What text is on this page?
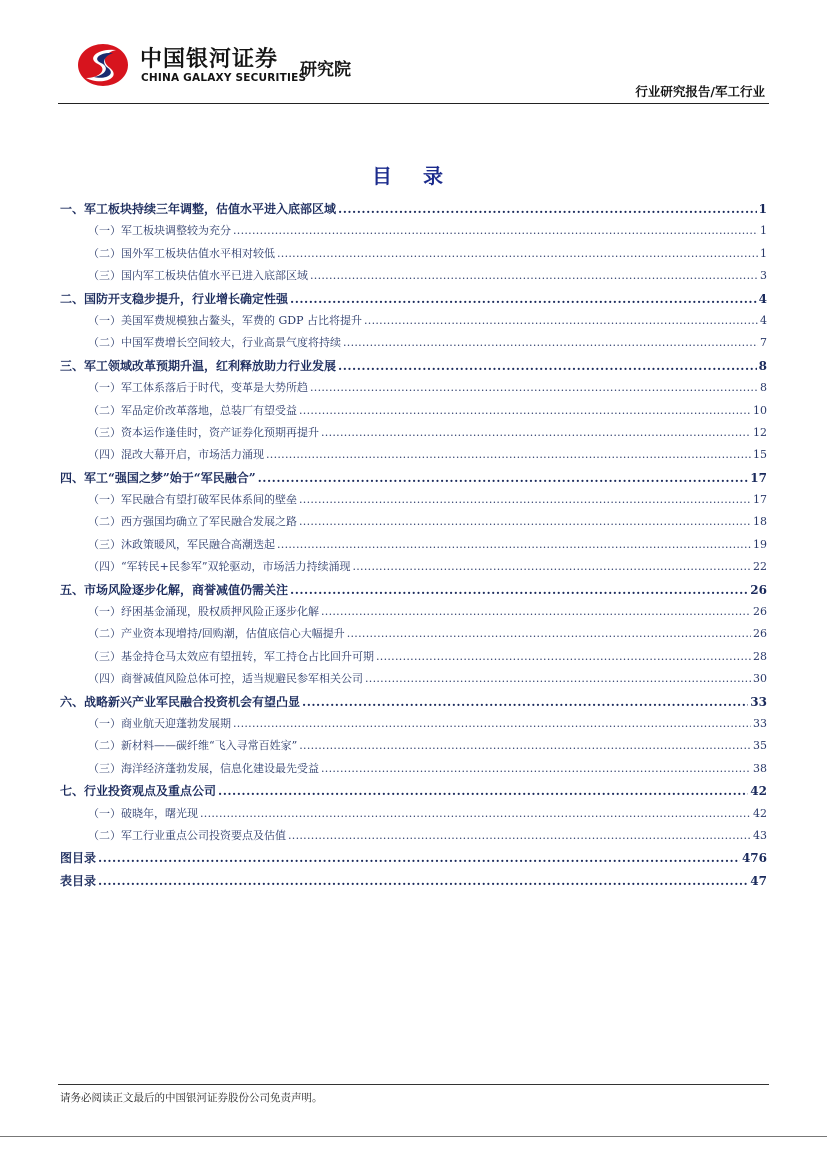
中国银河证券
CHINA GALAXY SECURITIES
研究院
行业研究报告/军工行业
目 录
一、军工板块持续三年调整，估值水平进入底部区域 .....	1
（一）军工板块调整较为充分 .....	1
（二）国外军工板块估值水平相对较低 .....	1
（三）国内军工板块估值水平已进入底部区域 .....	3
二、国防开支稳步提升，行业增长确定性强 .....	4
（一）美国军费规模独占鳌头，军费的 GDP 占比将提升 .....	4
（二）中国军费增长空间较大，行业高景气度将持续 .....	7
三、军工领域改革预期升温，红利释放助力行业发展 .....	8
（一）军工体系落后于时代，变革是大势所趋 .....	8
（二）军品定价改革落地，总装厂有望受益 .....	10
（三）资本运作逢佳时，资产证券化预期再提升 .....	12
（四）混改大幕开启，市场活力涌现 .....	15
四、军工“强国之梦”始于“军民融合” .....	17
（一）军民融合有望打破军民体系间的壁垒 .....	17
（二）西方强国均确立了军民融合发展之路 .....	18
（三）沐政策暖风，军民融合高潮迭起 .....	19
（四）“军转民+民参军”双轮驱动，市场活力持续涌现 .....	22
五、市场风险逐步化解，商誉减值仍需关注 .....	26
（一）纾困基金涌现，股权质押风险正逐步化解 .....	26
（二）产业资本现增持/回购潮，估值底信心大幅提升 .....	26
（三）基金持仓马太效应有望扭转，军工持仓占比回升可期 .....	28
（四）商誉减值风险总体可控，适当规避民参军相关公司 .....	30
六、战略新兴产业军民融合投资机会有望凸显 .....	33
（一）商业航天迎蓬勃发展期 .....	33
（二）新材料——碳纤维“飞入寻常百姓家” .....	35
（三）海洋经济蓬勃发展，信息化建设最先受益 .....	38
七、行业投资观点及重点公司 .....	42
（一）破晓年，曙光现 .....	42
（二）军工行业重点公司投资要点及估值 .....	43
图目录 .....	476
表目录 .....	47
请务必阅读正文最后的中国银河证券股份公司免责声明。
